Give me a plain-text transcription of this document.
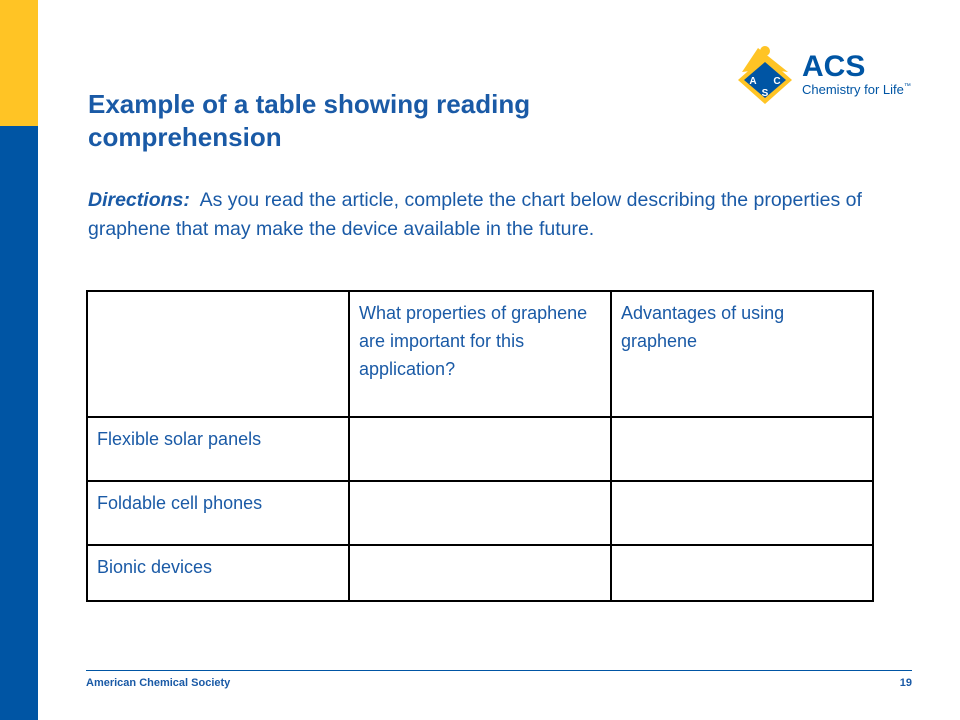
A C
S
ACS
Chemistry for Life™
Example of a table showing reading comprehension

Directions:  As you read the article, complete the chart below describing the properties of graphene that may make the device available in the future.

	What properties of graphene are important for this application?	Advantages of using graphene
Flexible solar panels		
Foldable cell phones		
Bionic devices		
American Chemical Society	19
